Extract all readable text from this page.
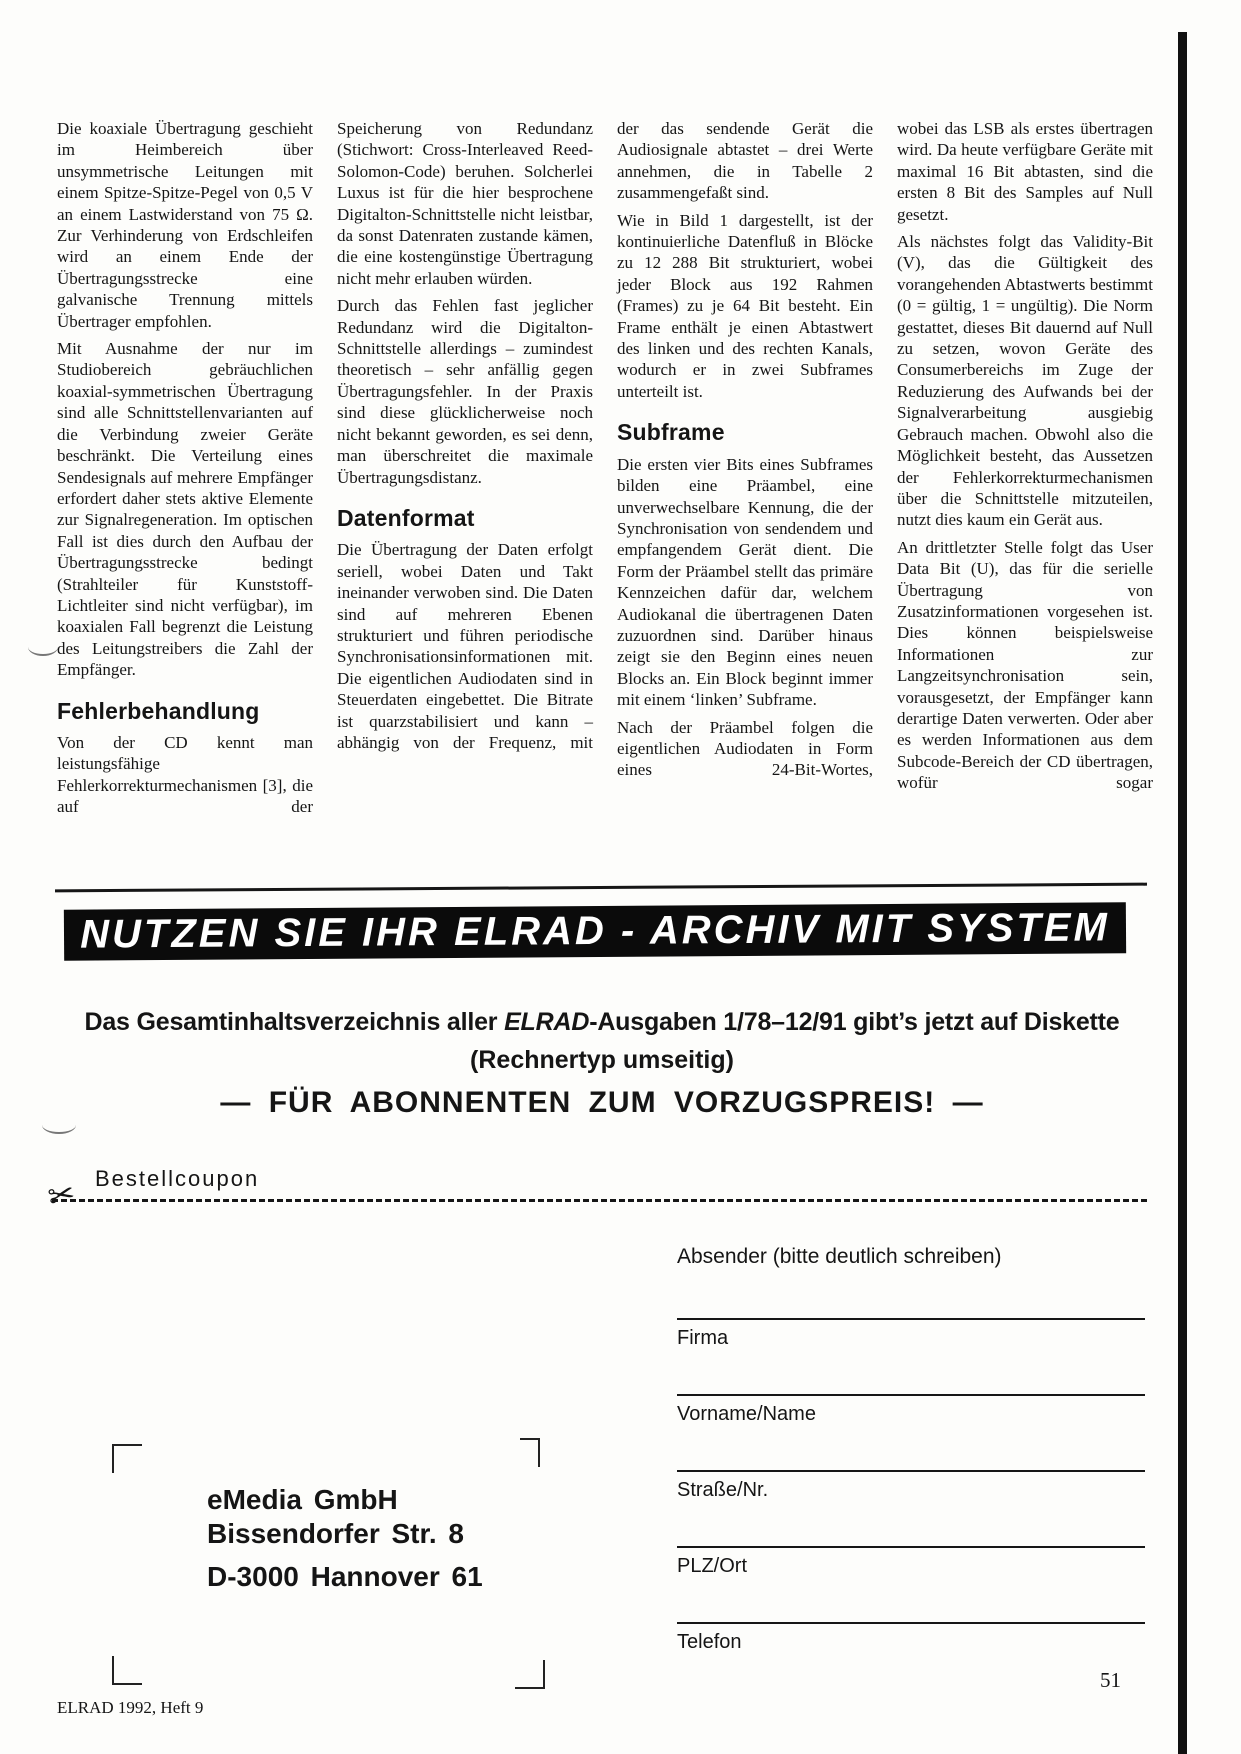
Die koaxiale Übertragung geschieht im Heimbereich über unsymmetrische Leitungen mit einem Spitze-Spitze-Pegel von 0,5 V an einem Lastwiderstand von 75 Ω. Zur Verhinderung von Erdschleifen wird an einem Ende der Übertragungsstrecke eine galvanische Trennung mittels Übertrager empfohlen.

Mit Ausnahme der nur im Studiobereich gebräuchlichen koaxial-symmetrischen Übertragung sind alle Schnittstellenvarianten auf die Verbindung zweier Geräte beschränkt. Die Verteilung eines Sendesignals auf mehrere Empfänger erfordert daher stets aktive Elemente zur Signalregeneration. Im optischen Fall ist dies durch den Aufbau der Übertragungsstrecke bedingt (Strahlteiler für Kunststoff-Lichtleiter sind nicht verfügbar), im koaxialen Fall begrenzt die Leistung des Leitungstreibers die Zahl der Empfänger.

Fehlerbehandlung

Von der CD kennt man leistungsfähige Fehlerkorrekturmechanismen [3], die auf der

Speicherung von Redundanz (Stichwort: Cross-Interleaved Reed-Solomon-Code) beruhen. Solcherlei Luxus ist für die hier besprochene Digitalton-Schnittstelle nicht leistbar, da sonst Datenraten zustande kämen, die eine kostengünstige Übertragung nicht mehr erlauben würden.

Durch das Fehlen fast jeglicher Redundanz wird die Digitalton-Schnittstelle allerdings – zumindest theoretisch – sehr anfällig gegen Übertragungsfehler. In der Praxis sind diese glücklicherweise noch nicht bekannt geworden, es sei denn, man überschreitet die maximale Übertragungsdistanz.

Datenformat

Die Übertragung der Daten erfolgt seriell, wobei Daten und Takt ineinander verwoben sind. Die Daten sind auf mehreren Ebenen strukturiert und führen periodische Synchronisationsinformationen mit. Die eigentlichen Audiodaten sind in Steuerdaten eingebettet. Die Bitrate ist quarzstabilisiert und kann – abhängig von der Frequenz, mit

der das sendende Gerät die Audiosignale abtastet – drei Werte annehmen, die in Tabelle 2 zusammengefaßt sind.

Wie in Bild 1 dargestellt, ist der kontinuierliche Datenfluß in Blöcke zu 12 288 Bit strukturiert, wobei jeder Block aus 192 Rahmen (Frames) zu je 64 Bit besteht. Ein Frame enthält je einen Abtastwert des linken und des rechten Kanals, wodurch er in zwei Subframes unterteilt ist.

Subframe

Die ersten vier Bits eines Subframes bilden eine Präambel, eine unverwechselbare Kennung, die der Synchronisation von sendendem und empfangendem Gerät dient. Die Form der Präambel stellt das primäre Kennzeichen dafür dar, welchem Audiokanal die übertragenen Daten zuzuordnen sind. Darüber hinaus zeigt sie den Beginn eines neuen Blocks an. Ein Block beginnt immer mit einem ‘linken’ Subframe.

Nach der Präambel folgen die eigentlichen Audiodaten in Form eines 24-Bit-Wortes,

wobei das LSB als erstes übertragen wird. Da heute verfügbare Geräte mit maximal 16 Bit abtasten, sind die ersten 8 Bit des Samples auf Null gesetzt.

Als nächstes folgt das Validity-Bit (V), das die Gültigkeit des vorangehenden Abtastwerts bestimmt (0 = gültig, 1 = ungültig). Die Norm gestattet, dieses Bit dauernd auf Null zu setzen, wovon Geräte des Consumerbereichs im Zuge der Reduzierung des Aufwands bei der Signalverarbeitung ausgiebig Gebrauch machen. Obwohl also die Möglichkeit besteht, das Aussetzen der Fehlerkorrekturmechanismen über die Schnittstelle mitzuteilen, nutzt dies kaum ein Gerät aus.

An drittletzter Stelle folgt das User Data Bit (U), das für die serielle Übertragung von Zusatzinformationen vorgesehen ist. Dies können beispielsweise Informationen zur Langzeitsynchronisation sein, vorausgesetzt, der Empfänger kann derartige Daten verwerten. Oder aber es werden Informationen aus dem Subcode-Bereich der CD übertragen, wofür sogar

NUTZEN SIE IHR ELRAD - ARCHIV MIT SYSTEM
Das Gesamtinhaltsverzeichnis aller ELRAD-Ausgaben 1/78–12/91 gibt’s jetzt auf Diskette
(Rechnertyp umseitig)
— FÜR ABONNENTEN ZUM VORZUGSPREIS! —
Bestellcoupon
✂
Absender (bitte deutlich schreiben)
Firma
Vorname/Name
Straße/Nr.
PLZ/Ort
Telefon
eMedia GmbH
Bissendorfer Str. 8
D-3000 Hannover 61
ELRAD 1992, Heft 9
51
